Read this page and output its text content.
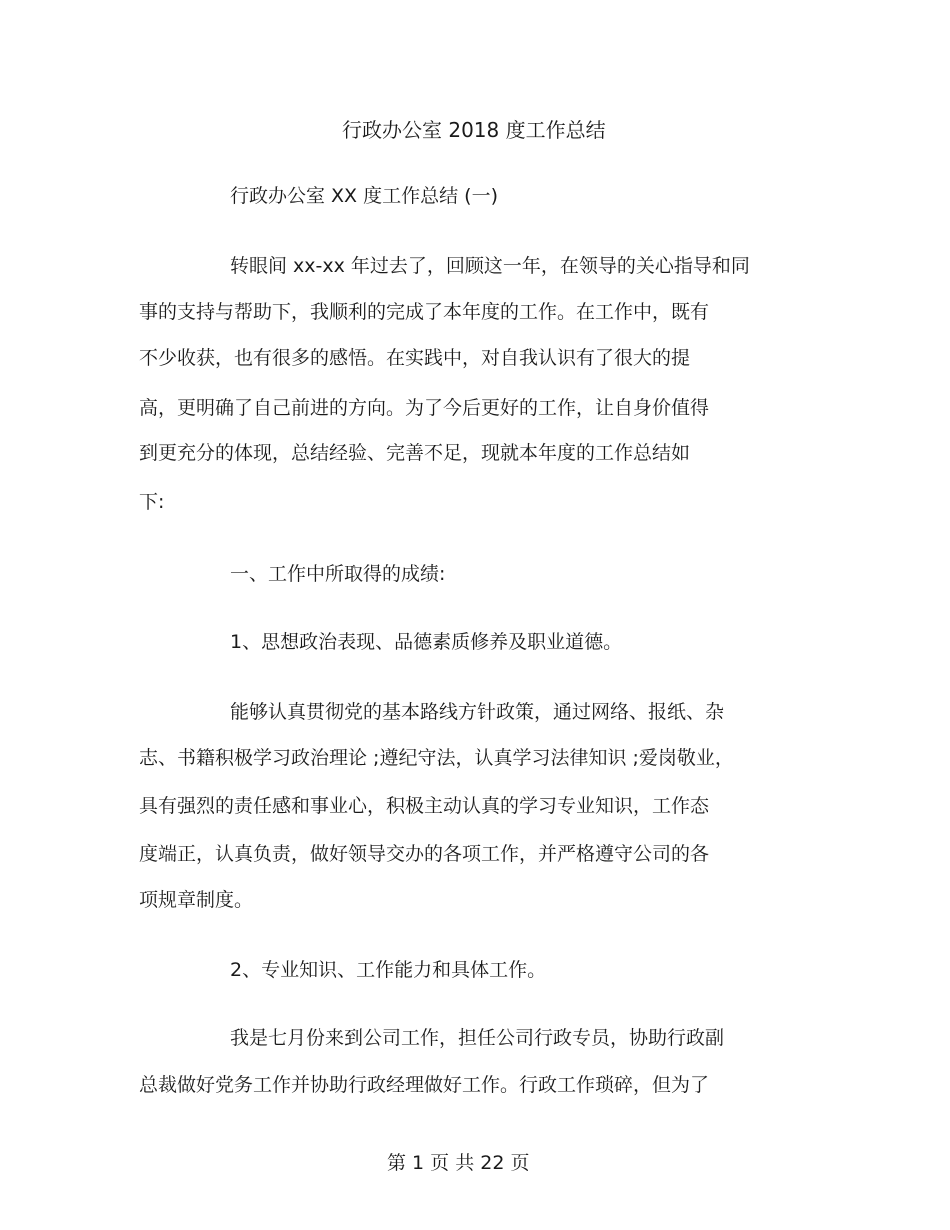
行政办公室 2018 度工作总结
行政办公室 XX 度工作总结 (一)
转眼间 xx-xx 年过去了，回顾这一年，在领导的关心指导和同
事的支持与帮助下，我顺利的完成了本年度的工作。在工作中，既有
不少收获，也有很多的感悟。在实践中，对自我认识有了很大的提
高，更明确了自己前进的方向。为了今后更好的工作，让自身价值得
到更充分的体现，总结经验、完善不足，现就本年度的工作总结如
下:
一、工作中所取得的成绩:
1、思想政治表现、品德素质修养及职业道德。
能够认真贯彻党的基本路线方针政策，通过网络、报纸、杂
志、书籍积极学习政治理论 ;遵纪守法，认真学习法律知识 ;爱岗敬业，
具有强烈的责任感和事业心，积极主动认真的学习专业知识，工作态
度端正，认真负责，做好领导交办的各项工作，并严格遵守公司的各
项规章制度。
2、专业知识、工作能力和具体工作。
我是七月份来到公司工作，担任公司行政专员，协助行政副
总裁做好党务工作并协助行政经理做好工作。行政工作琐碎，但为了
第 1 页 共 22 页
